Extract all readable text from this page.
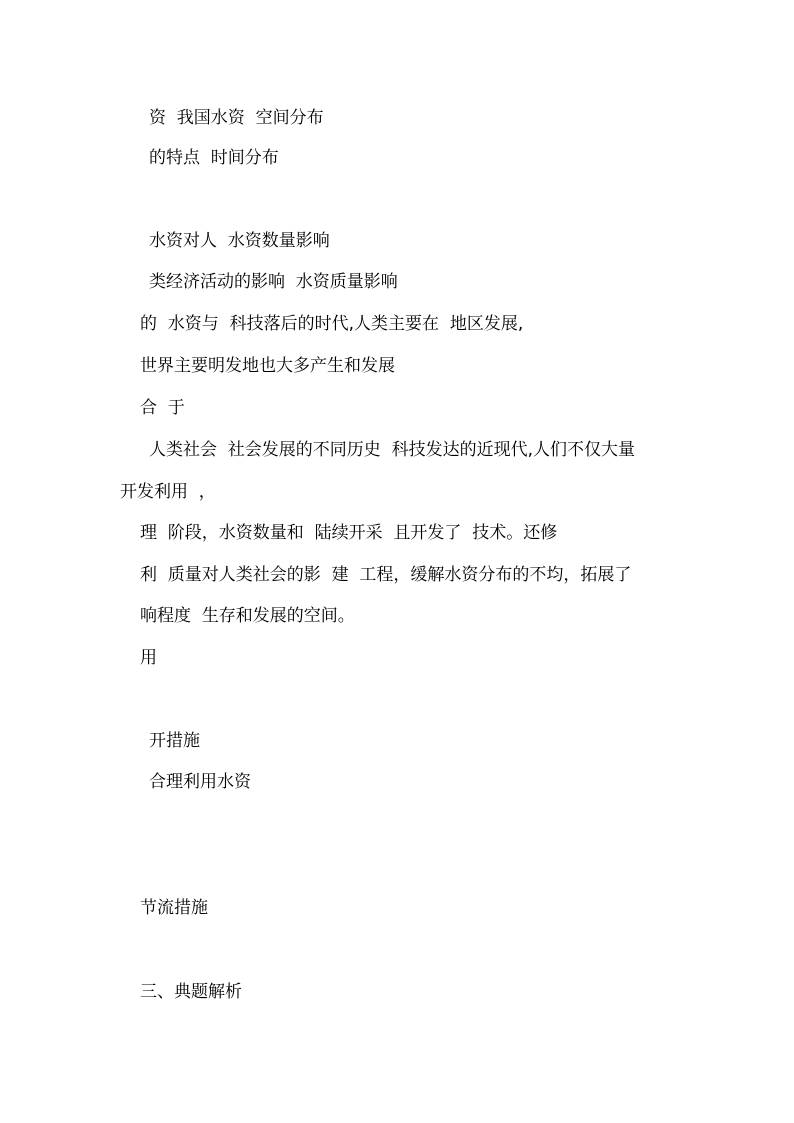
资  我国水资  空间分布
的特点  时间分布
水资对人  水资数量影响
类经济活动的影响  水资质量影响
的  水资与  科技落后的时代,人类主要在  地区发展,
世界主要明发地也大多产生和发展
合  于
人类社会  社会发展的不同历史  科技发达的近现代,人们不仅大量
开发利用  ，
理  阶段，水资数量和  陆续开采  且开发了  技术。还修
利  质量对人类社会的影  建  工程，缓解水资分布的不均，拓展了
响程度  生存和发展的空间。
用
开措施
合理利用水资
节流措施
三、典题解析
